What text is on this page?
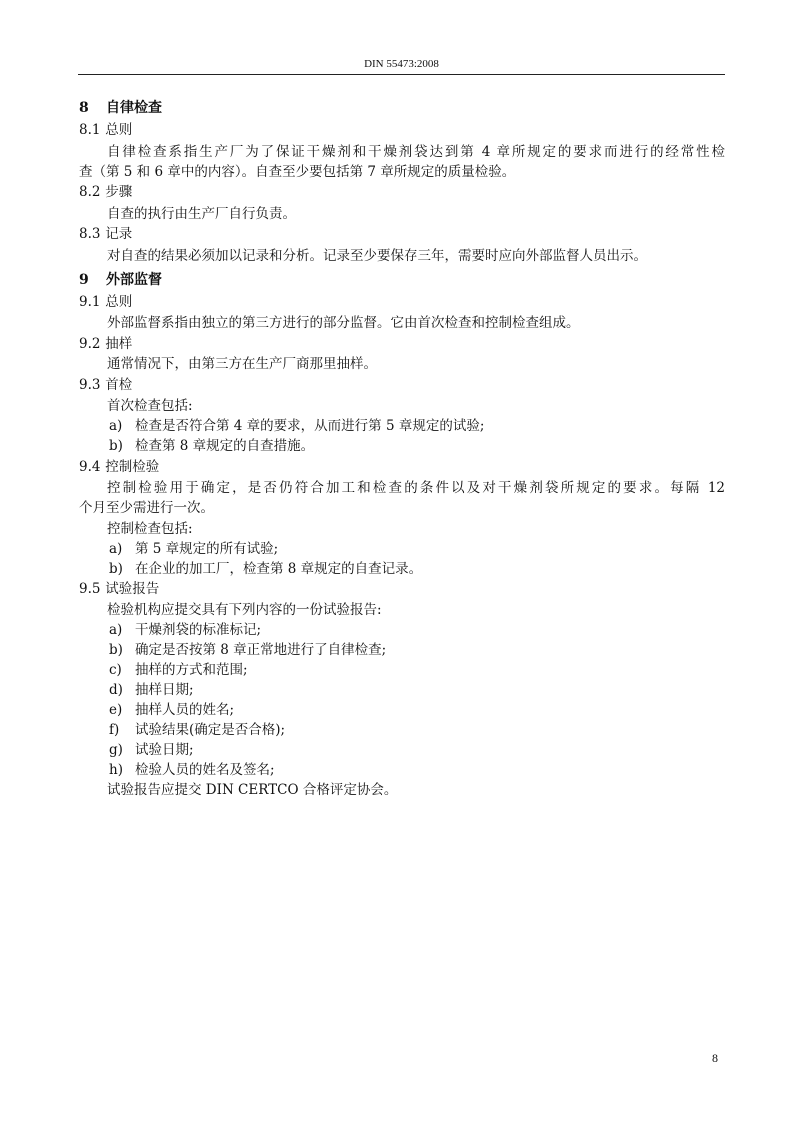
DIN 55473:2008
8 自律检查
8.1 总则
自律检查系指生产厂为了保证干燥剂和干燥剂袋达到第 4 章所规定的要求而进行的经常性检
查（第 5 和 6 章中的内容）。自查至少要包括第 7 章所规定的质量检验。
8.2 步骤
自查的执行由生产厂自行负责。
8.3 记录
对自查的结果必须加以记录和分析。记录至少要保存三年，需要时应向外部监督人员出示。
9 外部监督
9.1 总则
外部监督系指由独立的第三方进行的部分监督。它由首次检查和控制检查组成。
9.2 抽样
通常情况下，由第三方在生产厂商那里抽样。
9.3 首检
首次检查包括:
a) 检查是否符合第 4 章的要求，从而进行第 5 章规定的试验;
b) 检查第 8 章规定的自查措施。
9.4 控制检验
控制检验用于确定，是否仍符合加工和检查的条件以及对干燥剂袋所规定的要求。每隔 12
个月至少需进行一次。
控制检查包括:
a) 第 5 章规定的所有试验;
b) 在企业的加工厂，检查第 8 章规定的自查记录。
9.5 试验报告
检验机构应提交具有下列内容的一份试验报告:
a) 干燥剂袋的标准标记;
b) 确定是否按第 8 章正常地进行了自律检查;
c) 抽样的方式和范围;
d) 抽样日期;
e) 抽样人员的姓名;
f) 试验结果(确定是否合格);
g) 试验日期;
h) 检验人员的姓名及签名;
试验报告应提交 DIN CERTCO 合格评定协会。
8
